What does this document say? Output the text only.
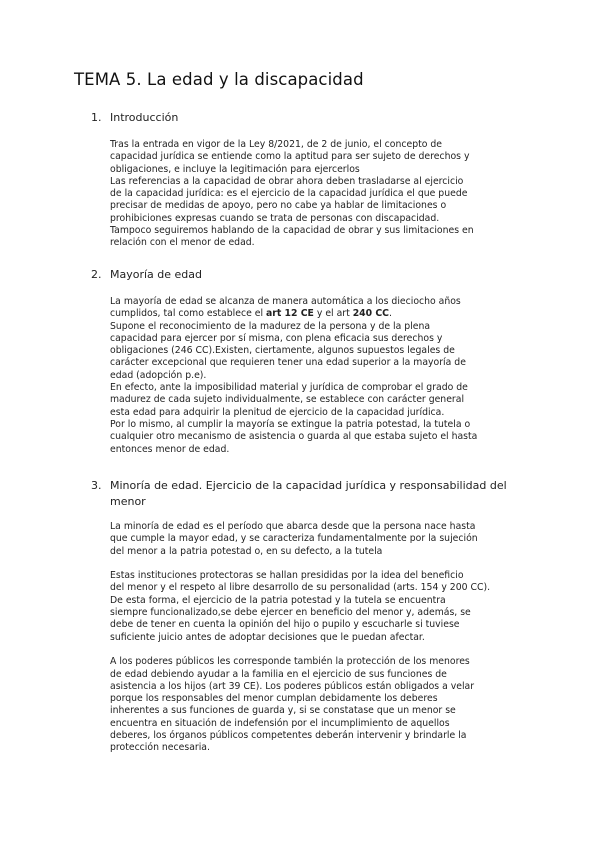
TEMA 5. La edad y la discapacidad
1. Introducción
Tras la entrada en vigor de la Ley 8/2021, de 2 de junio, el concepto de
capacidad jurídica se entiende como la aptitud para ser sujeto de derechos y
obligaciones, e incluye la legitimación para ejercerlos
Las referencias a la capacidad de obrar ahora deben trasladarse al ejercicio
de la capacidad jurídica: es el ejercicio de la capacidad jurídica el que puede
precisar de medidas de apoyo, pero no cabe ya hablar de limitaciones o
prohibiciones expresas cuando se trata de personas con discapacidad.
Tampoco seguiremos hablando de la capacidad de obrar y sus limitaciones en
relación con el menor de edad.
2. Mayoría de edad
La mayoría de edad se alcanza de manera automática a los dieciocho años
cumplidos, tal como establece el art 12 CE y el art 240 CC.
Supone el reconocimiento de la madurez de la persona y de la plena
capacidad para ejercer por sí misma, con plena eficacia sus derechos y
obligaciones (246 CC).Existen, ciertamente, algunos supuestos legales de
carácter excepcional que requieren tener una edad superior a la mayoría de
edad (adopción p.e).
En efecto, ante la imposibilidad material y jurídica de comprobar el grado de
madurez de cada sujeto individualmente, se establece con carácter general
esta edad para adquirir la plenitud de ejercicio de la capacidad jurídica.
Por lo mismo, al cumplir la mayoría se extingue la patria potestad, la tutela o
cualquier otro mecanismo de asistencia o guarda al que estaba sujeto el hasta
entonces menor de edad.
3. Minoría de edad. Ejercicio de la capacidad jurídica y responsabilidad del menor
La minoría de edad es el período que abarca desde que la persona nace hasta
que cumple la mayor edad, y se caracteriza fundamentalmente por la sujeción
del menor a la patria potestad o, en su defecto, a la tutela
Estas instituciones protectoras se hallan presididas por la idea del beneficio
del menor y el respeto al libre desarrollo de su personalidad (arts. 154 y 200 CC).
De esta forma, el ejercicio de la patria potestad y la tutela se encuentra
siempre funcionalizado,se debe ejercer en beneficio del menor y, además, se
debe de tener en cuenta la opinión del hijo o pupilo y escucharle si tuviese
suficiente juicio antes de adoptar decisiones que le puedan afectar.
A los poderes públicos les corresponde también la protección de los menores
de edad debiendo ayudar a la familia en el ejercicio de sus funciones de
asistencia a los hijos (art 39 CE). Los poderes públicos están obligados a velar
porque los responsables del menor cumplan debidamente los deberes
inherentes a sus funciones de guarda y, si se constatase que un menor se
encuentra en situación de indefensión por el incumplimiento de aquellos
deberes, los órganos públicos competentes deberán intervenir y brindarle la
protección necesaria.
